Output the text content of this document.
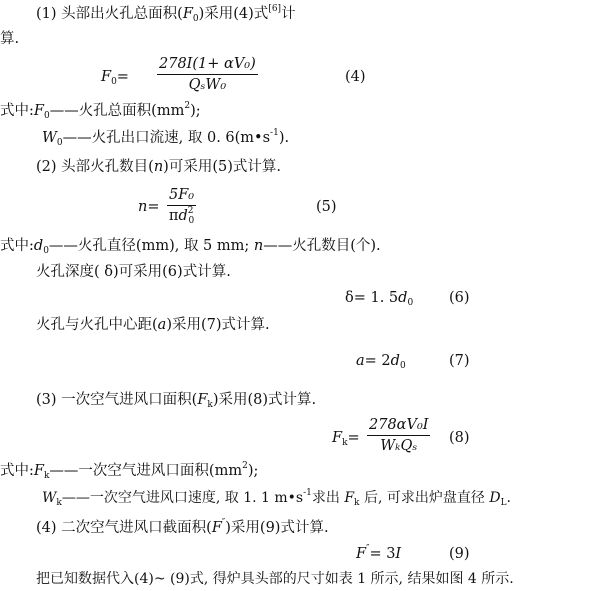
(1) 头部出火孔总面积$(F_0)$采用(4)式[6]计
算.
$F_0=$
278I(1+ αV₀)
QₛW₀	(4)
式中$:F_0——$火孔总面积$(mm^2)$;
$W_0——$火孔出口流速, 取 0. $6(m•s^{-1})$.
(2) 头部火孔数目(n)可采用(5)式计算.
$n= \frac{\text{5F₀}}{\pi d^2_0}$	(5)
式中$:d_0——$火孔直径(mm), 取 5 mm; n——火孔数目(个).
火孔深度( δ)可采用(6)式计算.
δ= 1. $5d_0$ (6)
火孔与火孔中心距(a)采用(7)式计算.
$a= 2d_0$	(7)
(3) 一次空气进风口面积$(F_k)$采用(8)式计算.
$F_k=$
278αV₀I
WₖQₛ	(8)
式中$:F_k——$一次空气进风口面积$(mm^2)$;
$W_k——$一次空气进风口速度, 取 1. 1 $m•s^{-1}$求出 $F_k$ 后, 可求出炉盘直径 $D_L$.
(4) 二次空气进风口截面积(F″)采用(9)式计算.
F″= 3I	(9)
把已知数据代入(4)~ (9)式, 得炉具头部的尺寸如表 1 所示, 结果如图 4 所示.
